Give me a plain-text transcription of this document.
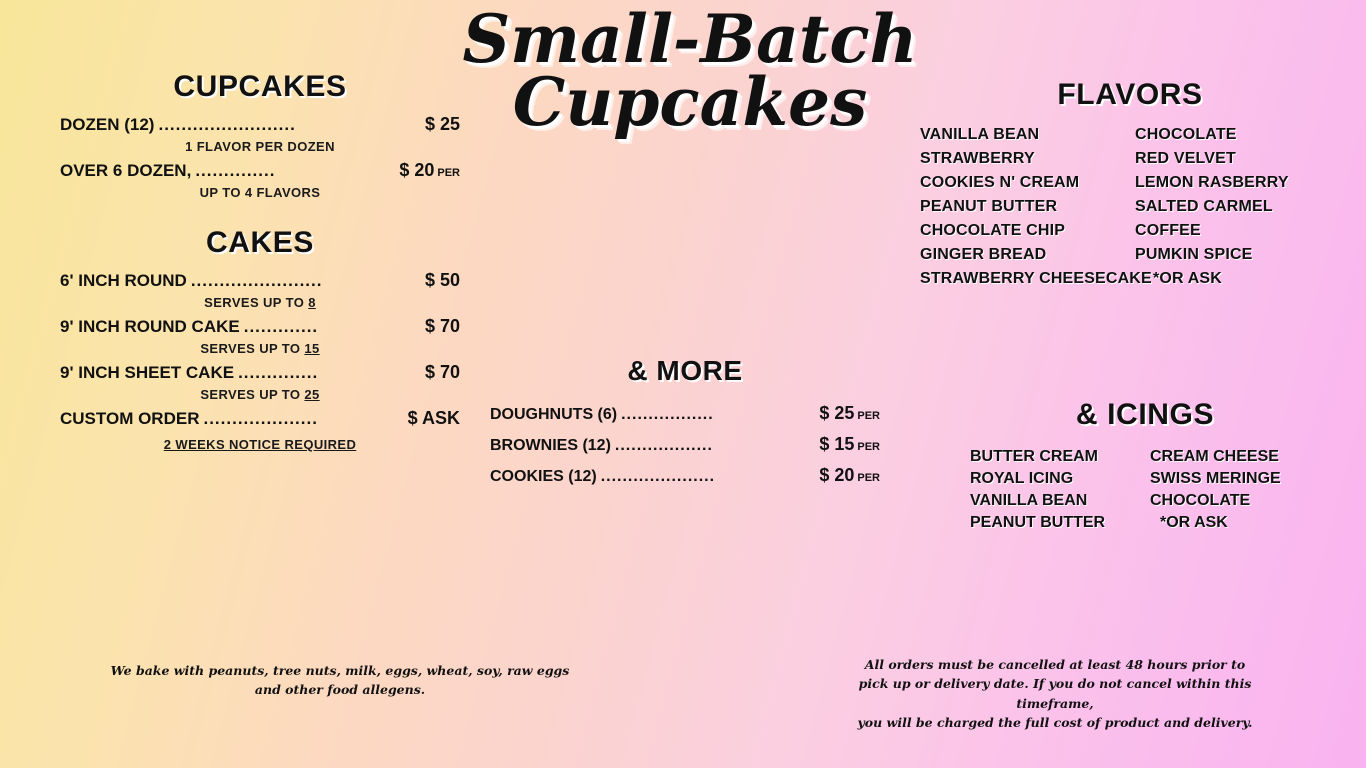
Small-Batch
Cupcakes
CUPCAKES
DOZEN (12) ........................	$ 25
1 FLAVOR PER DOZEN
OVER 6 DOZEN, ..............	$ 20 PER
UP TO 4 FLAVORS
CAKES
6' INCH ROUND .......................	$ 50
SERVES UP TO 8
9' INCH ROUND CAKE .............	$ 70
SERVES UP TO 15
9' INCH SHEET CAKE ..............	$ 70
SERVES UP TO 25
CUSTOM ORDER ....................	$ ASK
2 WEEKS NOTICE REQUIRED
& MORE
DOUGHNUTS (6) .................	$ 25 PER
BROWNIES (12) ..................	$ 15 PER
COOKIES (12) .....................	$ 20 PER
FLAVORS
VANILLA BEAN	CHOCOLATE
STRAWBERRY	RED VELVET
COOKIES N' CREAM	LEMON RASBERRY
PEANUT BUTTER	SALTED CARMEL
CHOCOLATE CHIP	COFFEE
GINGER BREAD	PUMKIN SPICE
STRAWBERRY CHEESECAKE *OR ASK
& ICINGS
BUTTER CREAM	CREAM CHEESE
ROYAL ICING	SWISS MERINGE
VANILLA BEAN	CHOCOLATE
PEANUT BUTTER	*OR ASK
We bake with peanuts, tree nuts, milk, eggs, wheat, soy, raw eggs
and other food allegens.
All orders must be cancelled at least 48 hours prior to
pick up or delivery date. If you do not cancel within this timeframe,
you will be charged the full cost of product and delivery.
